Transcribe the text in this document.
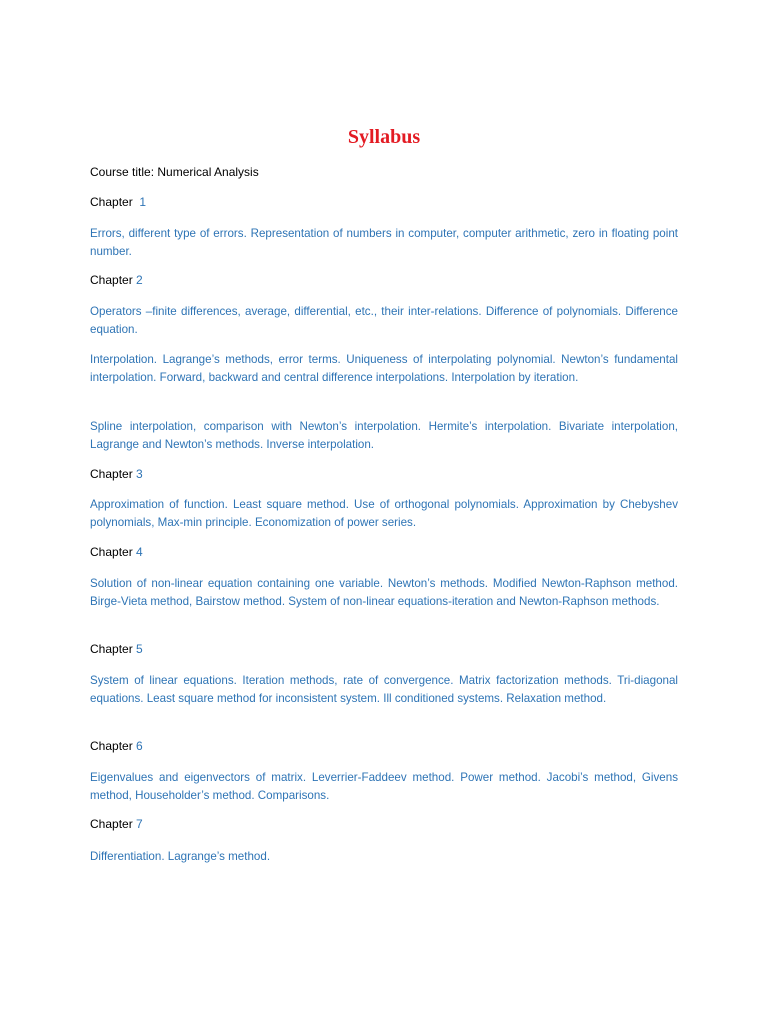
Syllabus

Course title: Numerical Analysis

Chapter 1

Errors, different type of errors. Representation of numbers in computer, computer arithmetic, zero in floating point number.

Chapter 2

Operators –finite differences, average, differential, etc., their inter-relations. Difference of polynomials. Difference equation.

Interpolation. Lagrange’s methods, error terms. Uniqueness of interpolating polynomial. Newton’s fundamental interpolation. Forward, backward and central difference interpolations. Interpolation by iteration.

Spline interpolation, comparison with Newton’s interpolation. Hermite’s interpolation. Bivariate interpolation, Lagrange and Newton’s methods. Inverse interpolation.

Chapter 3

Approximation of function. Least square method. Use of orthogonal polynomials. Approximation by Chebyshev polynomials, Max-min principle. Economization of power series.

Chapter 4

Solution of non-linear equation containing one variable. Newton’s methods. Modified Newton-Raphson method. Birge-Vieta method, Bairstow method. System of non-linear equations-iteration and Newton-Raphson methods.

Chapter 5

System of linear equations. Iteration methods, rate of convergence. Matrix factorization methods. Tri-diagonal equations. Least square method for inconsistent system. Ill conditioned systems. Relaxation method.

Chapter 6

Eigenvalues and eigenvectors of matrix. Leverrier-Faddeev method. Power method. Jacobi’s method, Givens method, Householder’s method. Comparisons.

Chapter 7

Differentiation. Lagrange’s method.
